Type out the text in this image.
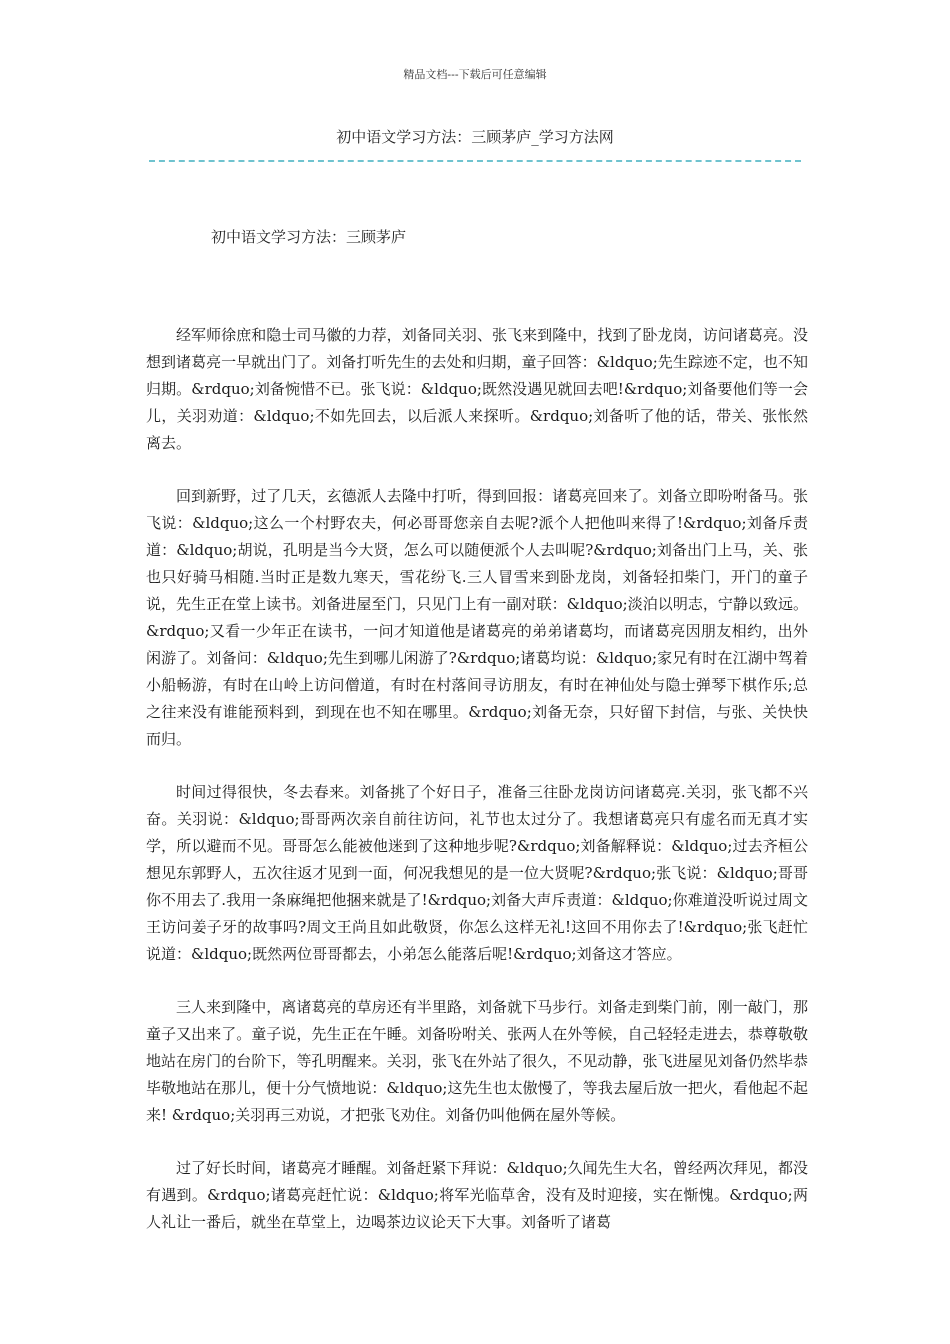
精品文档---下载后可任意编辑
初中语文学习方法：三顾茅庐_学习方法网
初中语文学习方法：三顾茅庐

经军师徐庶和隐士司马徽的力荐，刘备同关羽、张飞来到隆中，找到了卧龙岗，访问诸葛亮。没想到诸葛亮一早就出门了。刘备打听先生的去处和归期，童子回答：&ldquo;先生踪迹不定，也不知归期。&rdquo;刘备惋惜不已。张飞说：&ldquo;既然没遇见就回去吧!&rdquo;刘备要他们等一会儿，关羽劝道：&ldquo;不如先回去，以后派人来探听。&rdquo;刘备听了他的话，带关、张怅然离去。

回到新野，过了几天，玄德派人去隆中打听，得到回报：诸葛亮回来了。刘备立即吩咐备马。张飞说：&ldquo;这么一个村野农夫，何必哥哥您亲自去呢?派个人把他叫来得了!&rdquo;刘备斥责道：&ldquo;胡说，孔明是当今大贤，怎么可以随便派个人去叫呢?&rdquo;刘备出门上马，关、张也只好骑马相随.当时正是数九寒天，雪花纷飞.三人冒雪来到卧龙岗，刘备轻扣柴门，开门的童子说，先生正在堂上读书。刘备进屋至门，只见门上有一副对联：&ldquo;淡泊以明志，宁静以致远。&rdquo;又看一少年正在读书，一问才知道他是诸葛亮的弟弟诸葛均，而诸葛亮因朋友相约，出外闲游了。刘备问：&ldquo;先生到哪儿闲游了?&rdquo;诸葛均说：&ldquo;家兄有时在江湖中驾着小船畅游，有时在山岭上访问僧道，有时在村落间寻访朋友，有时在神仙处与隐士弹琴下棋作乐;总之往来没有谁能预料到，到现在也不知在哪里。&rdquo;刘备无奈，只好留下封信，与张、关快快而归。

时间过得很快，冬去春来。刘备挑了个好日子，准备三往卧龙岗访问诸葛亮.关羽，张飞都不兴奋。关羽说：&ldquo;哥哥两次亲自前往访问，礼节也太过分了。我想诸葛亮只有虚名而无真才实学，所以避而不见。哥哥怎么能被他迷到了这种地步呢?&rdquo;刘备解释说：&ldquo;过去齐桓公想见东郭野人，五次往返才见到一面，何况我想见的是一位大贤呢?&rdquo;张飞说：&ldquo;哥哥你不用去了.我用一条麻绳把他捆来就是了!&rdquo;刘备大声斥责道：&ldquo;你难道没听说过周文王访问姜子牙的故事吗?周文王尚且如此敬贤，你怎么这样无礼!这回不用你去了!&rdquo;张飞赶忙说道：&ldquo;既然两位哥哥都去，小弟怎么能落后呢!&rdquo;刘备这才答应。

三人来到隆中，离诸葛亮的草房还有半里路，刘备就下马步行。刘备走到柴门前，刚一敲门，那童子又出来了。童子说，先生正在午睡。刘备吩咐关、张两人在外等候，自己轻轻走进去，恭尊敬敬地站在房门的台阶下，等孔明醒来。关羽，张飞在外站了很久，不见动静，张飞进屋见刘备仍然毕恭毕敬地站在那儿，便十分气愤地说：&ldquo;这先生也太傲慢了，等我去屋后放一把火，看他起不起来! &rdquo;关羽再三劝说，才把张飞劝住。刘备仍叫他俩在屋外等候。

过了好长时间，诸葛亮才睡醒。刘备赶紧下拜说：&ldquo;久闻先生大名，曾经两次拜见，都没有遇到。&rdquo;诸葛亮赶忙说：&ldquo;将军光临草舍，没有及时迎接，实在惭愧。&rdquo;两人礼让一番后，就坐在草堂上，边喝茶边议论天下大事。刘备听了诸葛
